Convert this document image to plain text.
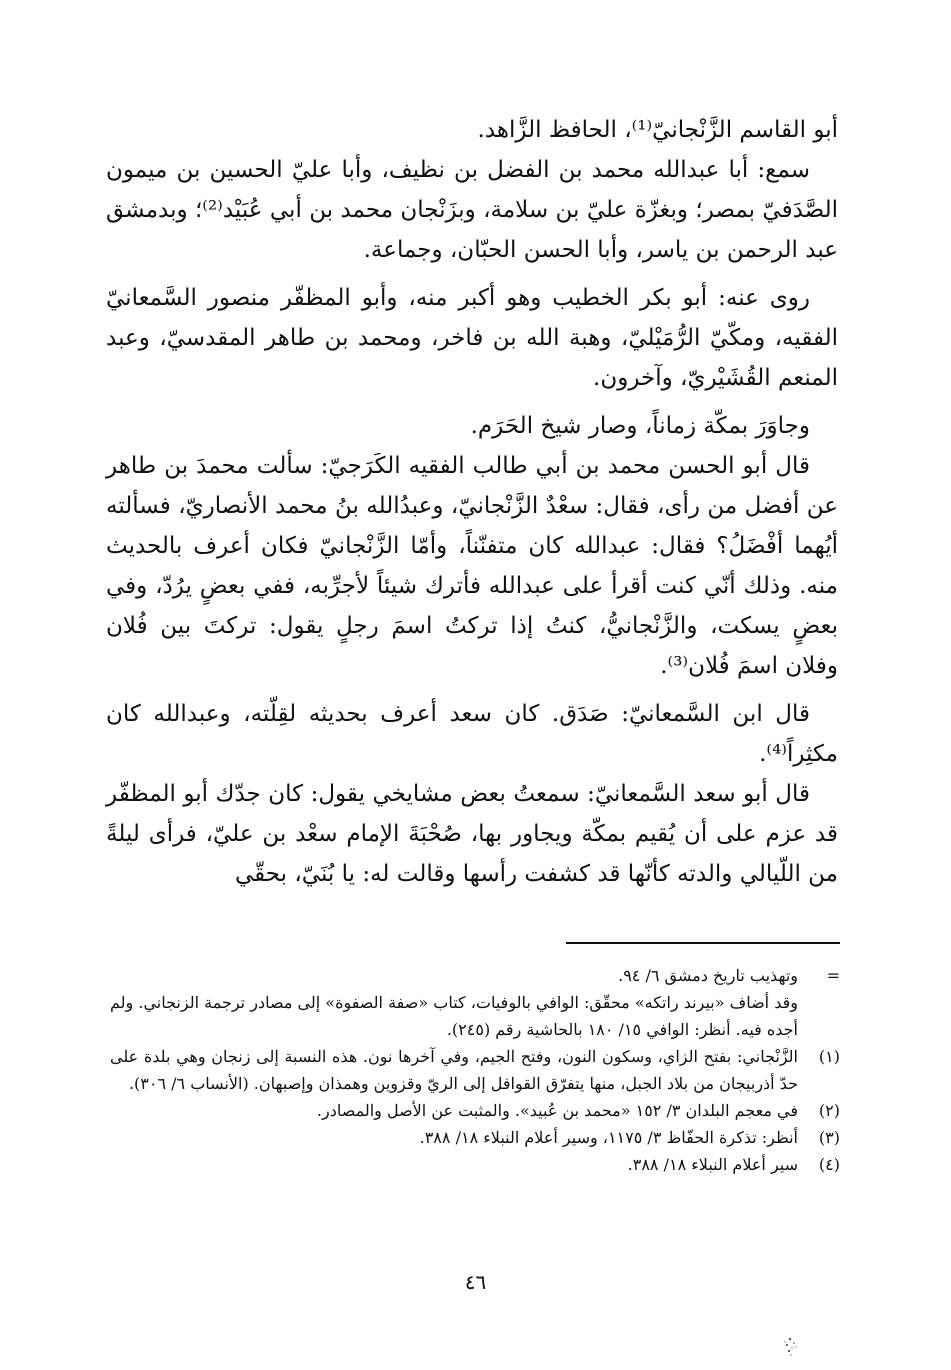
أبو القاسم الزَّنْجانيّ⁽¹⁾، الحافظ الزَّاهد.

سمع: أبا عبدالله محمد بن الفضل بن نظيف، وأبا عليّ الحسين بن ميمون الصَّدَفيّ بمصر؛ وبغزّة عليّ بن سلامة، وبزَنْجان محمد بن أبي عُبَيْد⁽²⁾؛ وبدمشق عبد الرحمن بن ياسر، وأبا الحسن الحبّان، وجماعة.

روى عنه: أبو بكر الخطيب وهو أكبر منه، وأبو المظفّر منصور السَّمعانيّ الفقيه، ومكّيّ الرُّمَيْليّ، وهبة الله بن فاخر، ومحمد بن طاهر المقدسيّ، وعبد المنعم القُشَيْريّ، وآخرون.

وجاوَرَ بمكّة زماناً، وصار شيخ الحَرَم.

قال أبو الحسن محمد بن أبي طالب الفقيه الكَرَجيّ: سألت محمدَ بن طاهر عن أفضل من رأى، فقال: سعْدٌ الزَّنْجانيّ، وعبدُالله بنُ محمد الأنصاريّ، فسألته أيُهما أفْضَلُ؟ فقال: عبدالله كان متفنّناً، وأمّا الزَّنْجانيّ فكان أعرف بالحديث منه. وذلك أنّي كنت أقرأ على عبدالله فأترك شيئاً لأجرِّبه، ففي بعضٍ يرُدّ، وفي بعضٍ يسكت، والزَّنْجانيُّ، كنتُ إذا تركتُ اسمَ رجلٍ يقول: تركتَ بين فُلان وفلان اسمَ فُلان⁽³⁾.

قال ابن السَّمعانيّ: صَدَق. كان سعد أعرف بحديثه لقِلّته، وعبدالله كان مكثِراً⁽⁴⁾.

قال أبو سعد السَّمعانيّ: سمعتُ بعض مشايخي يقول: كان جدّك أبو المظفّر قد عزم على أن يُقيم بمكّة ويجاور بها، صُحْبَةَ الإمام سعْد بن عليّ، فرأى ليلةً من اللّيالي والدته كأنّها قد كشفت رأسها وقالت له: يا بُنَيّ، بحقّي

=
وتهذيب تاريخ دمشق ٦/ ٩٤.
وقد أضاف «بيرند راتكه» محقّق: الوافي بالوفيات، كتاب «صفة الصفوة» إلى مصادر ترجمة الزنجاني. ولم أجده فيه. أنظر: الوافي ١٥/ ١٨٠ بالحاشية رقم (٢٤٥).
(١)
الزَّنْجاني: بفتح الزاي، وسكون النون، وفتح الجيم، وفي آخرها نون. هذه النسبة إلى زنجان وهي بلدة على حدّ أذربيجان من بلاد الجبل، منها يتفرّق القوافل إلى الريّ وقزوين وهمذان وإصبهان. (الأنساب ٦/ ٣٠٦).
(٢)
في معجم البلدان ٣/ ١٥٢ «محمد بن عُبيد». والمثبت عن الأصل والمصادر.
(٣)
أنظر: تذكرة الحفّاظ ٣/ ١١٧٥، وسير أعلام النبلاء ١٨/ ٣٨٨.
(٤)
سير أعلام النبلاء ١٨/ ٣٨٨.
٤٦
